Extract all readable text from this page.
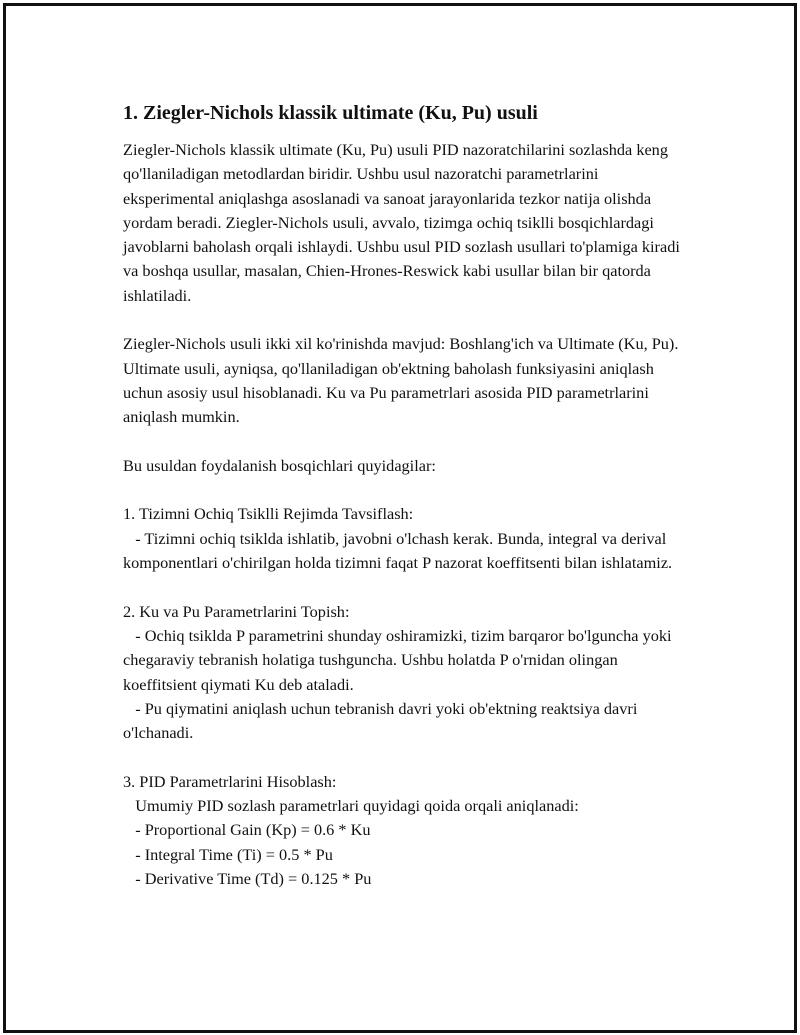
1. Ziegler-Nichols klassik ultimate (Ku, Pu) usuli

Ziegler-Nichols klassik ultimate (Ku, Pu) usuli PID nazoratchilarini sozlashda keng qo'llaniladigan metodlardan biridir. Ushbu usul nazoratchi parametrlarini eksperimental aniqlashga asoslanadi va sanoat jarayonlarida tezkor natija olishda yordam beradi. Ziegler-Nichols usuli, avvalo, tizimga ochiq tsiklli bosqichlardagi javoblarni baholash orqali ishlaydi. Ushbu usul PID sozlash usullari to'plamiga kiradi va boshqa usullar, masalan, Chien-Hrones-Reswick kabi usullar bilan bir qatorda ishlatiladi.

Ziegler-Nichols usuli ikki xil ko'rinishda mavjud: Boshlang'ich va Ultimate (Ku, Pu). Ultimate usuli, ayniqsa, qo'llaniladigan ob'ektning baholash funksiyasini aniqlash uchun asosiy usul hisoblanadi. Ku va Pu parametrlari asosida PID parametrlarini aniqlash mumkin.

Bu usuldan foydalanish bosqichlari quyidagilar:

1. Tizimni Ochiq Tsiklli Rejimda Tavsiflash:
- Tizimni ochiq tsiklda ishlatib, javobni o'lchash kerak. Bunda, integral va derival komponentlari o'chirilgan holda tizimni faqat P nazorat koeffitsenti bilan ishlatamiz.
2. Ku va Pu Parametrlarini Topish:
- Ochiq tsiklda P parametrini shunday oshiramizki, tizim barqaror bo'lguncha yoki chegaraviy tebranish holatiga tushguncha. Ushbu holatda P o'rnidan olingan koeffitsient qiymati Ku deb ataladi.
- Pu qiymatini aniqlash uchun tebranish davri yoki ob'ektning reaktsiya davri o'lchanadi.
3. PID Parametrlarini Hisoblash:
Umumiy PID sozlash parametrlari quyidagi qoida orqali aniqlanadi:
- Proportional Gain (Kp) = 0.6 * Ku
- Integral Time (Ti) = 0.5 * Pu
- Derivative Time (Td) = 0.125 * Pu
